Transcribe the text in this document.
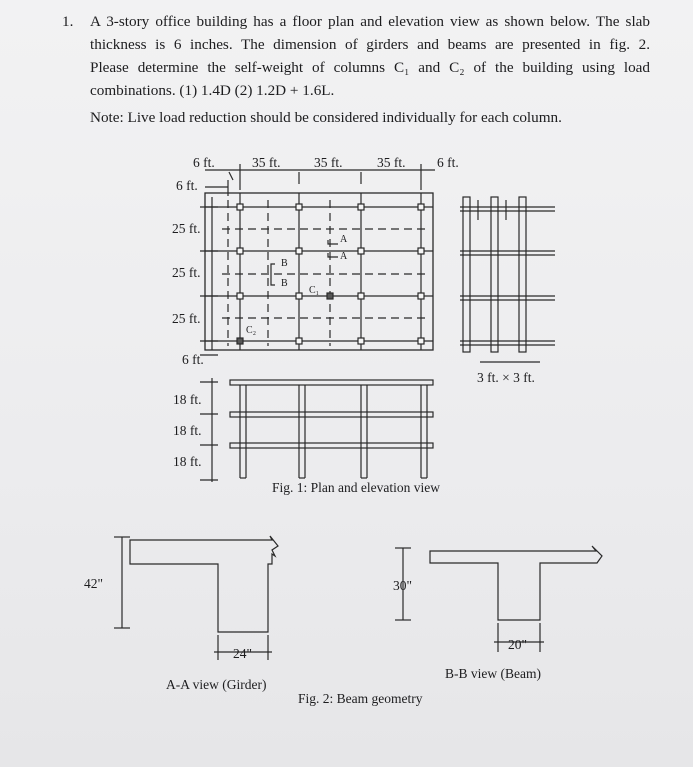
1. A 3-story office building has a floor plan and elevation view as shown below. The slab

thickness is 6 inches. The dimension of girders and beams are presented in fig. 2.

Please determine the self-weight of columns C₁ and C₂ of the building using load

combinations. (1) 1.4D (2) 1.2D + 1.6L.

Note: Live load reduction should be considered individually for each column.
6 ft.	35 ft. 35 ft.	35 ft. 6 ft.
6 ft.
25 ft.
25 ft.
25 ft.
6 ft.
A
A
B
B
C₁
C₂
3 ft. × 3 ft.
18 ft.
18 ft.
18 ft.
Fig. 1: Plan and elevation view
42"
24"
A-A view (Girder)
30"
20"
B-B view (Beam)
Fig. 2: Beam geometry
